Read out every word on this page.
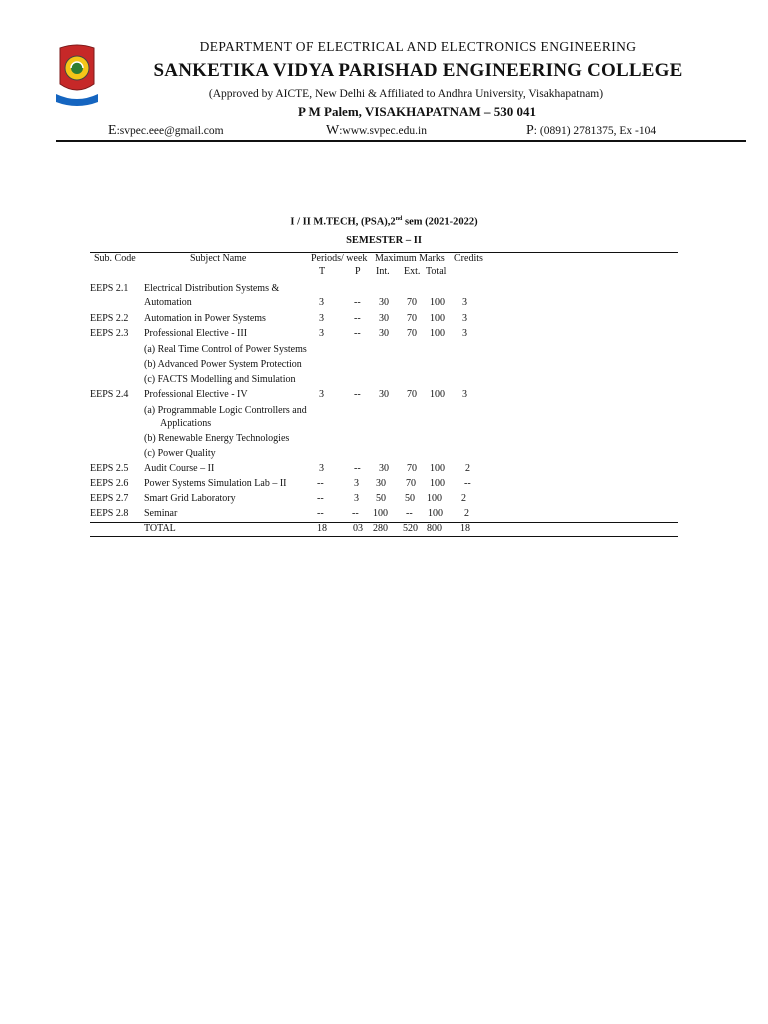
DEPARTMENT OF ELECTRICAL AND ELECTRONICS ENGINEERING
SANKETIKA VIDYA PARISHAD ENGINEERING COLLEGE
(Approved by AICTE, New Delhi & Affiliated to Andhra University, Visakhapatnam)
P M Palem, VISAKHAPATNAM – 530 041
E:svpec.eee@gmail.com	W:www.svpec.edu.in	P: (0891) 2781375, Ex -104
I / II M.TECH, (PSA),2nd sem (2021-2022)
SEMESTER – II
Sub. Code	Subject Name	Periods/ week Maximum Marks Credits
T	P Int. Ext. Total
EEPS 2.1 Electrical Distribution Systems &
Automation	3	-- 30 70 100 3
EEPS 2.2 Automation in Power Systems	3	-- 30 70 100 3
EEPS 2.3 Professional Elective - III	3	-- 30 70 100 3
(a) Real Time Control of Power Systems
(b) Advanced Power System Protection
(c) FACTS Modelling and Simulation
EEPS 2.4 Professional Elective - IV	3	-- 30 70 100 3
(a) Programmable Logic Controllers and
Applications
(b) Renewable Energy Technologies
(c) Power Quality
EEPS 2.5 Audit Course – II	3	-- 30 70 100 2
EEPS 2.6 Power Systems Simulation Lab – II	--	3 30 70 100 --
EEPS 2.7 Smart Grid Laboratory	--	3 50 50 100 2
EEPS 2.8 Seminar	--	-- 100 -- 100 2
TOTAL	18	03 280 520 800 18
